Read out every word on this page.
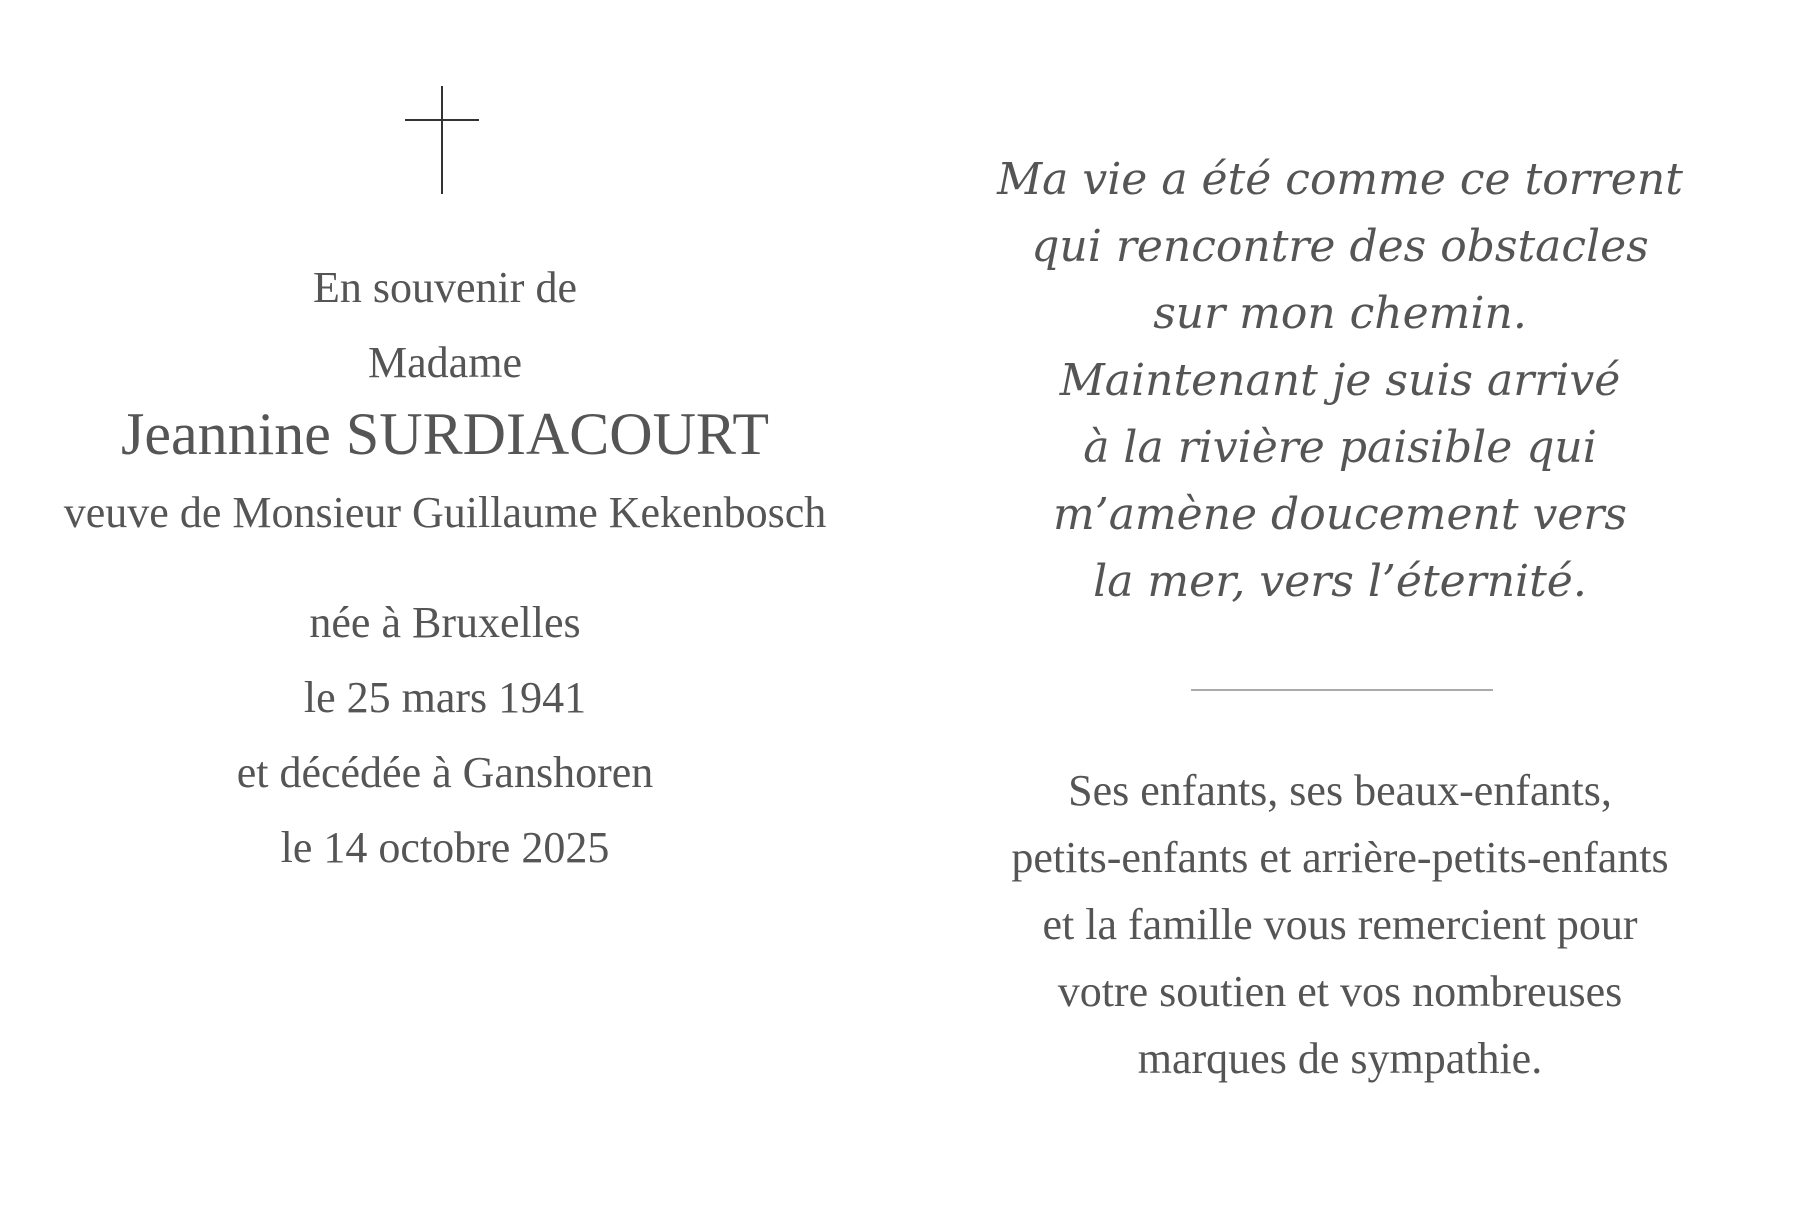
En souvenir de
Madame
Jeannine SURDIACOURT
veuve de Monsieur Guillaume Kekenbosch
née à Bruxelles
le 25 mars 1941
et décédée à Ganshoren
le 14 octobre 2025
Ma vie a été comme ce torrent
qui rencontre des obstacles
sur mon chemin.
Maintenant je suis arrivé
à la rivière paisible qui
m’amène doucement vers
la mer, vers l’éternité.
Ses enfants, ses beaux-enfants,
petits-enfants et arrière-petits-enfants
et la famille vous remercient pour
votre soutien et vos nombreuses
marques de sympathie.
